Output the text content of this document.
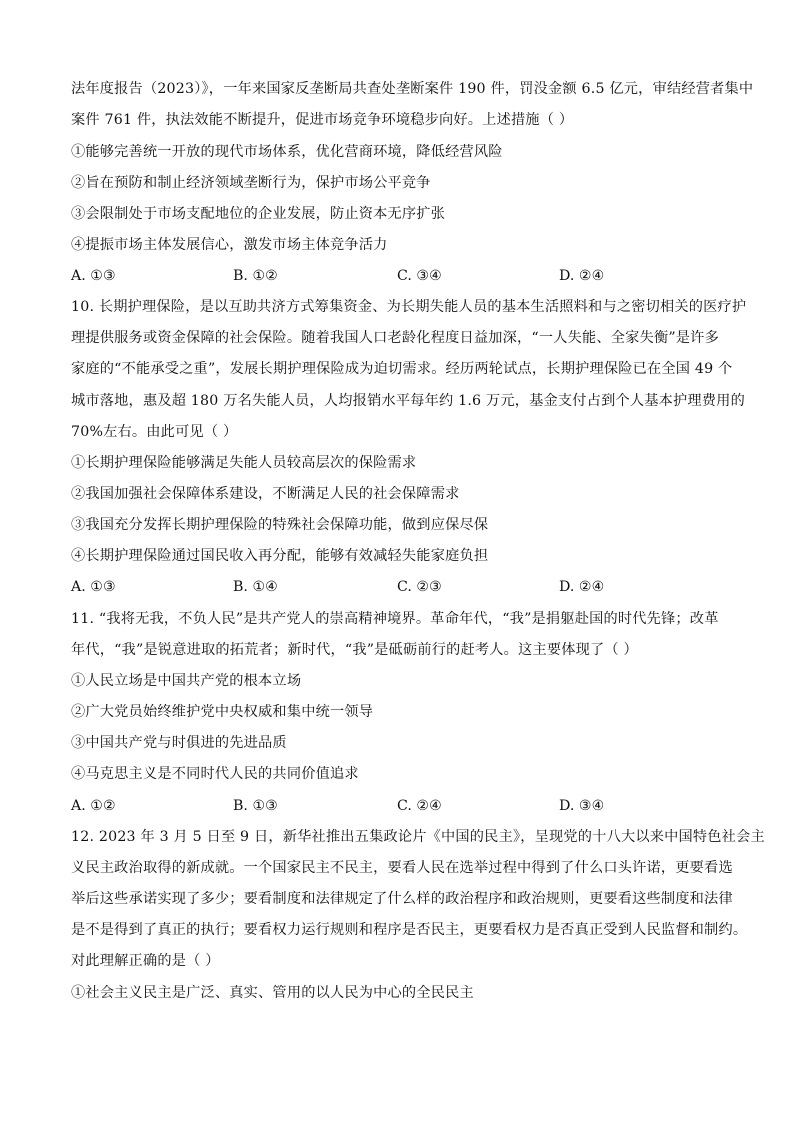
法年度报告（2023）》，一年来国家反垄断局共查处垄断案件 190 件，罚没金额 6.5 亿元，审结经营者集中
案件 761 件，执法效能不断提升，促进市场竞争环境稳步向好。上述措施（ ）
①能够完善统一开放的现代市场体系，优化营商环境，降低经营风险
②旨在预防和制止经济领域垄断行为，保护市场公平竞争
③会限制处于市场支配地位的企业发展，防止资本无序扩张
④提振市场主体发展信心，激发市场主体竞争活力
A. ①③	B. ①②	C. ③④	D. ②④
10. 长期护理保险，是以互助共济方式筹集资金、为长期失能人员的基本生活照料和与之密切相关的医疗护
理提供服务或资金保障的社会保险。随着我国人口老龄化程度日益加深，“一人失能、全家失衡”是许多
家庭的“不能承受之重”，发展长期护理保险成为迫切需求。经历两轮试点，长期护理保险已在全国 49 个
城市落地，惠及超 180 万名失能人员，人均报销水平每年约 1.6 万元，基金支付占到个人基本护理费用的
70%左右。由此可见（ ）
①长期护理保险能够满足失能人员较高层次的保险需求
②我国加强社会保障体系建设，不断满足人民的社会保障需求
③我国充分发挥长期护理保险的特殊社会保障功能，做到应保尽保
④长期护理保险通过国民收入再分配，能够有效减轻失能家庭负担
A. ①③	B. ①④	C. ②③	D. ②④
11. “我将无我，不负人民”是共产党人的崇高精神境界。革命年代，“我”是捐躯赴国的时代先锋；改革
年代，“我”是锐意进取的拓荒者；新时代，“我”是砥砺前行的赶考人。这主要体现了（ ）
①人民立场是中国共产党的根本立场
②广大党员始终维护党中央权威和集中统一领导
③中国共产党与时俱进的先进品质
④马克思主义是不同时代人民的共同价值追求
A. ①②	B. ①③	C. ②④	D. ③④
12. 2023 年 3 月 5 日至 9 日，新华社推出五集政论片《中国的民主》，呈现党的十八大以来中国特色社会主
义民主政治取得的新成就。一个国家民主不民主，要看人民在选举过程中得到了什么口头许诺，更要看选
举后这些承诺实现了多少；要看制度和法律规定了什么样的政治程序和政治规则，更要看这些制度和法律
是不是得到了真正的执行；要看权力运行规则和程序是否民主，更要看权力是否真正受到人民监督和制约。
对此理解正确的是（ ）
①社会主义民主是广泛、真实、管用的以人民为中心的全民民主
